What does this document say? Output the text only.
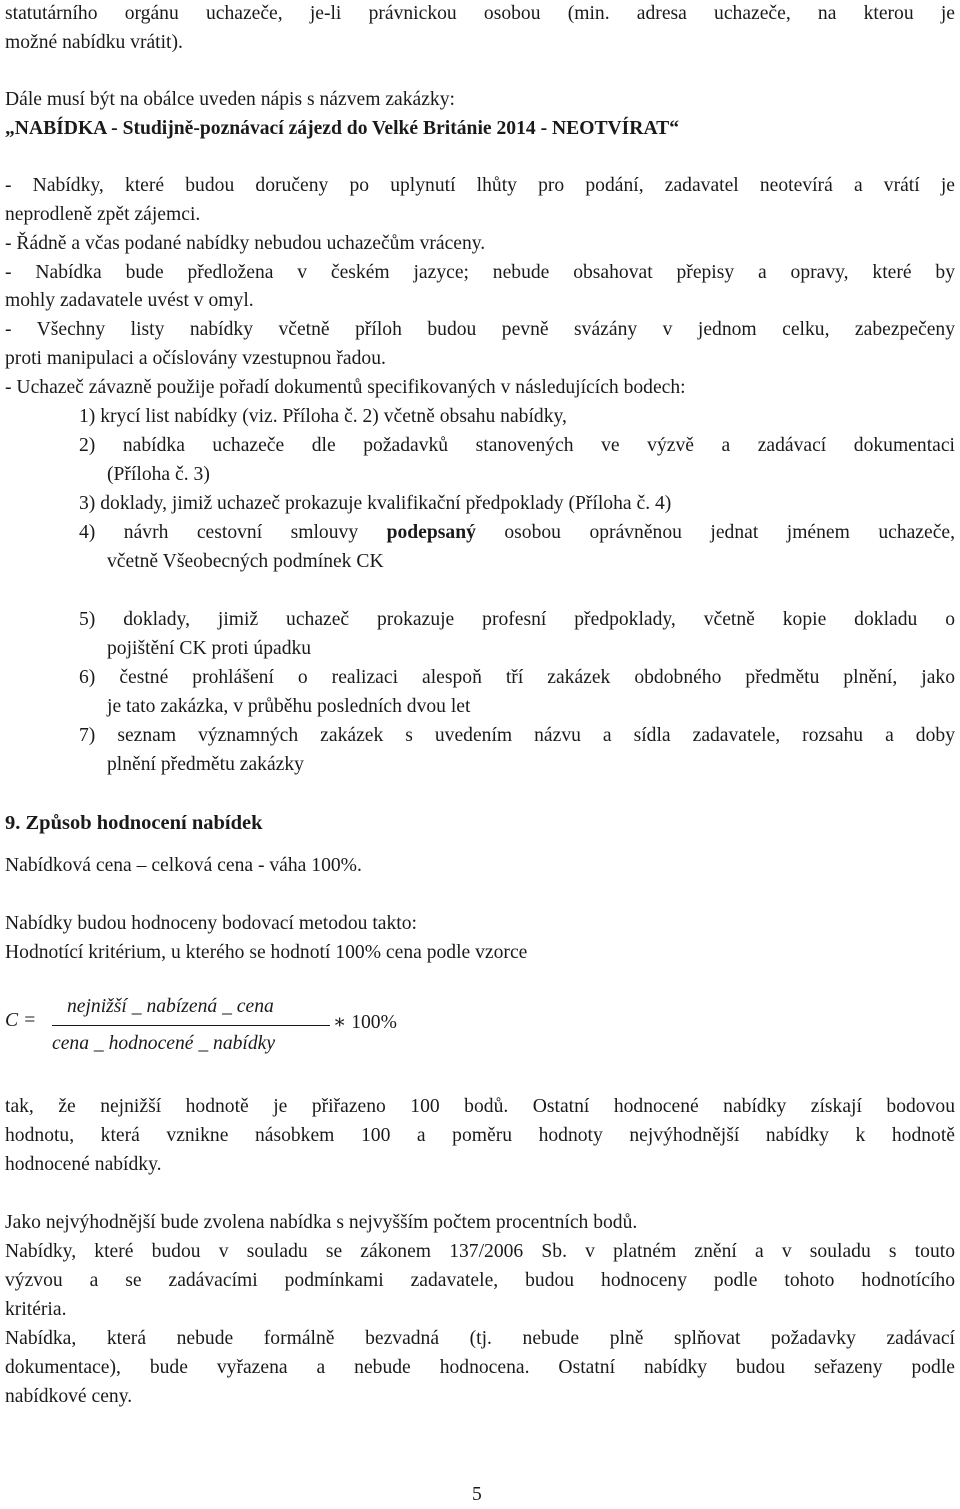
statutárního orgánu uchazeče, je-li právnickou osobou (min. adresa uchazeče, na kterou je
možné nabídku vrátit).
Dále musí být na obálce uveden nápis s názvem zakázky:
„NABÍDKA - Studijně-poznávací zájezd do Velké Británie 2014 - NEOTVÍRAT“
- Nabídky, které budou doručeny po uplynutí lhůty pro podání, zadavatel neotevírá a vrátí je
neprodleně zpět zájemci.
- Řádně a včas podané nabídky nebudou uchazečům vráceny.
- Nabídka bude předložena v českém jazyce; nebude obsahovat přepisy a opravy, které by
mohly zadavatele uvést v omyl.
- Všechny listy nabídky včetně příloh budou pevně svázány v jednom celku, zabezpečeny
proti manipulaci a očíslovány vzestupnou řadou.
- Uchazeč závazně použije pořadí dokumentů specifikovaných v následujících bodech:
1) krycí list nabídky (viz. Příloha č. 2) včetně obsahu nabídky,
2) nabídka uchazeče dle požadavků stanovených ve výzvě a zadávací dokumentaci
(Příloha č. 3)
3) doklady, jimiž uchazeč prokazuje kvalifikační předpoklady (Příloha č. 4)
4) návrh cestovní smlouvy podepsaný osobou oprávněnou jednat jménem uchazeče,
včetně Všeobecných podmínek CK
5) doklady, jimiž uchazeč prokazuje profesní předpoklady, včetně kopie dokladu o
pojištění CK proti úpadku
6) čestné prohlášení o realizaci alespoň tří zakázek obdobného předmětu plnění, jako
je tato zakázka, v průběhu posledních dvou let
7) seznam významných zakázek s uvedením názvu a sídla zadavatele, rozsahu a doby
plnění předmětu zakázky
9. Způsob hodnocení nabídek
Nabídková cena – celková cena - váha 100%.
Nabídky budou hodnoceny bodovací metodou takto:
Hodnotící kritérium, u kterého se hodnotí 100% cena podle vzorce
C =
nejnižší _ nabízená _ cena
cena _ hodnocené _ nabídky
∗ 100%
tak, že nejnižší hodnotě je přiřazeno 100 bodů. Ostatní hodnocené nabídky získají bodovou
hodnotu, která vznikne násobkem 100 a poměru hodnoty nejvýhodnější nabídky k hodnotě
hodnocené nabídky.
Jako nejvýhodnější bude zvolena nabídka s nejvyšším počtem procentních bodů.
Nabídky, které budou v souladu se zákonem 137/2006 Sb. v platném znění a v souladu s touto
výzvou a se zadávacími podmínkami zadavatele, budou hodnoceny podle tohoto hodnotícího
kritéria.
Nabídka, která nebude formálně bezvadná (tj. nebude plně splňovat požadavky zadávací
dokumentace), bude vyřazena a nebude hodnocena. Ostatní nabídky budou seřazeny podle
nabídkové ceny.
5
